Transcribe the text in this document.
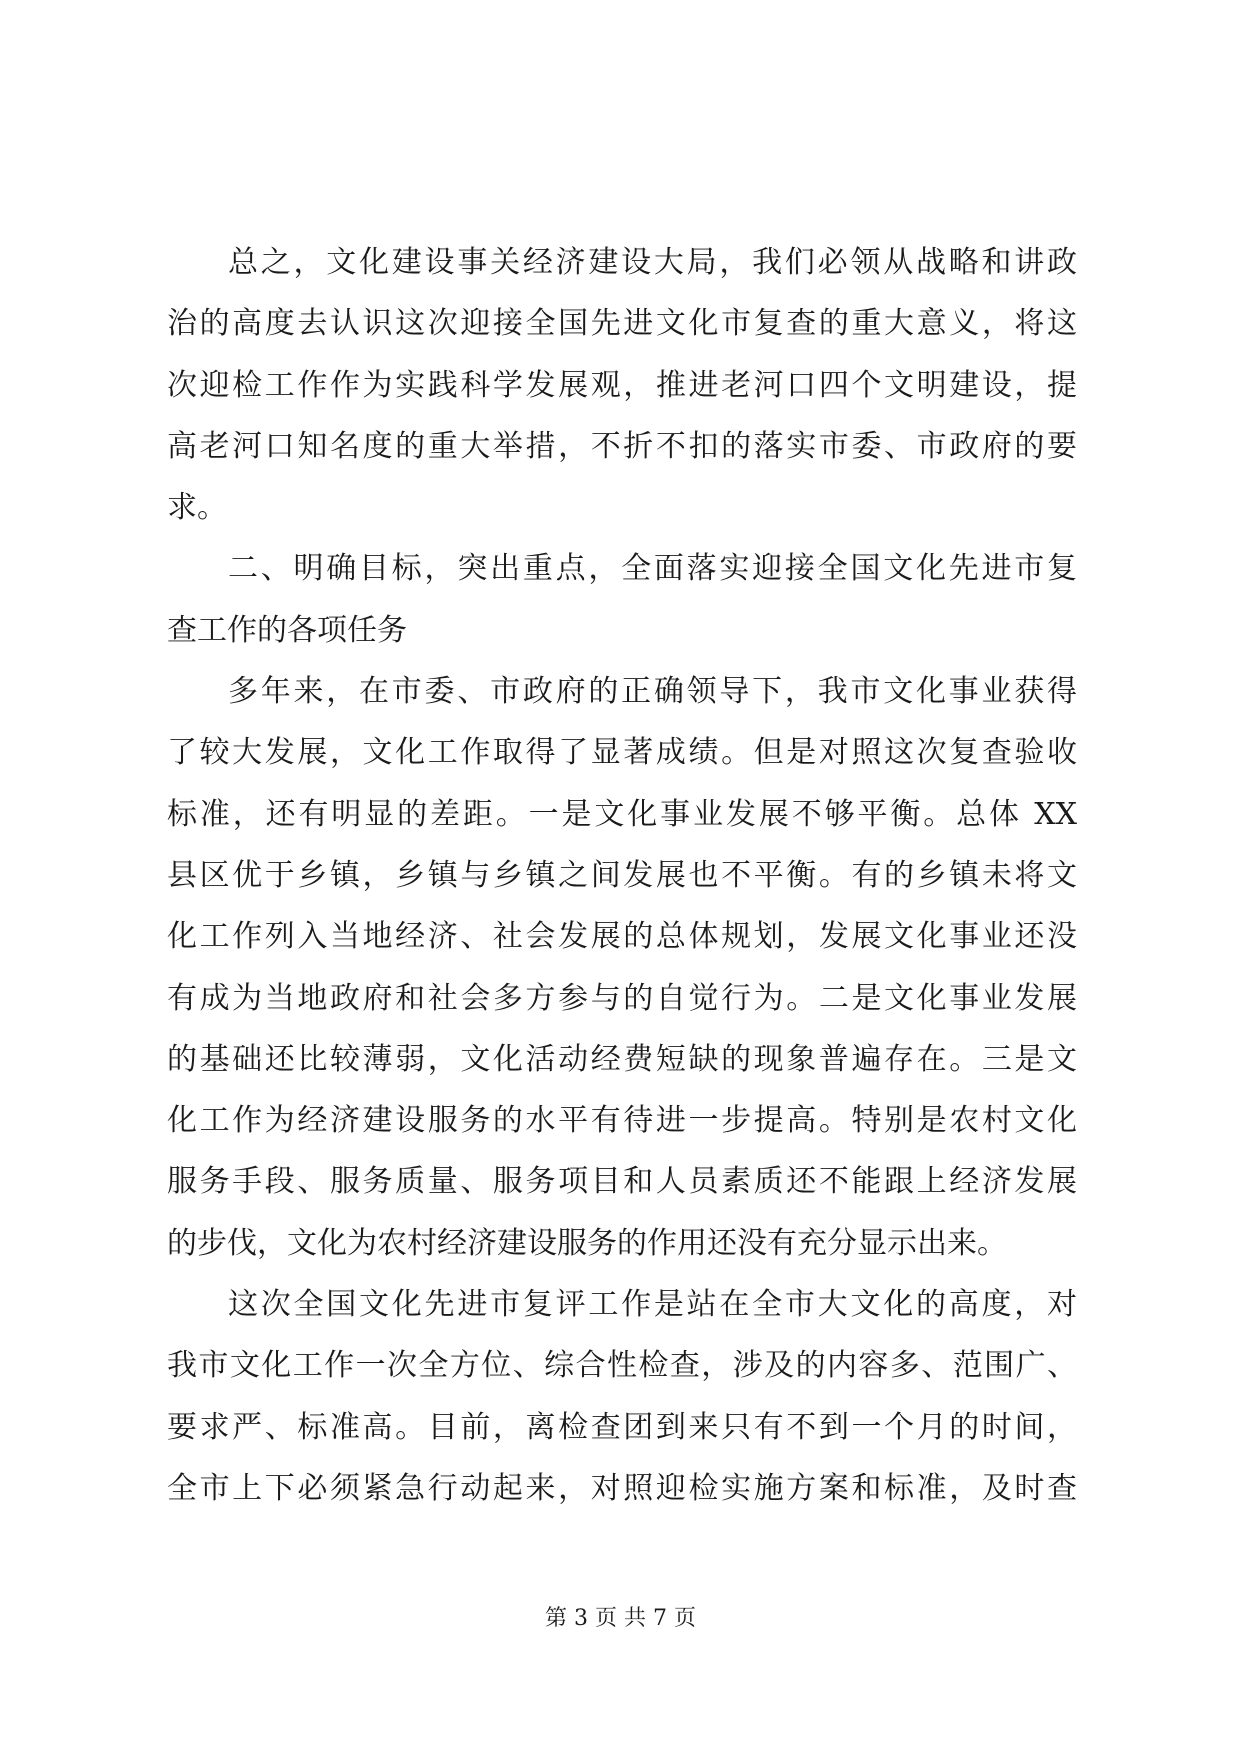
总之，文化建设事关经济建设大局，我们必领从战略和讲政
治的高度去认识这次迎接全国先进文化市复查的重大意义，将这
次迎检工作作为实践科学发展观，推进老河口四个文明建设，提
高老河口知名度的重大举措，不折不扣的落实市委、市政府的要
求。
二、明确目标，突出重点，全面落实迎接全国文化先进市复
查工作的各项任务
多年来，在市委、市政府的正确领导下，我市文化事业获得
了较大发展，文化工作取得了显著成绩。但是对照这次复查验收
标准，还有明显的差距。一是文化事业发展不够平衡。总体 XX
县区优于乡镇，乡镇与乡镇之间发展也不平衡。有的乡镇未将文
化工作列入当地经济、社会发展的总体规划，发展文化事业还没
有成为当地政府和社会多方参与的自觉行为。二是文化事业发展
的基础还比较薄弱，文化活动经费短缺的现象普遍存在。三是文
化工作为经济建设服务的水平有待进一步提高。特别是农村文化
服务手段、服务质量、服务项目和人员素质还不能跟上经济发展
的步伐，文化为农村经济建设服务的作用还没有充分显示出来。
这次全国文化先进市复评工作是站在全市大文化的高度，对
我市文化工作一次全方位、综合性检查，涉及的内容多、范围广、
要求严、标准高。目前，离检查团到来只有不到一个月的时间，
全市上下必须紧急行动起来，对照迎检实施方案和标准，及时查
第 3 页 共 7 页
